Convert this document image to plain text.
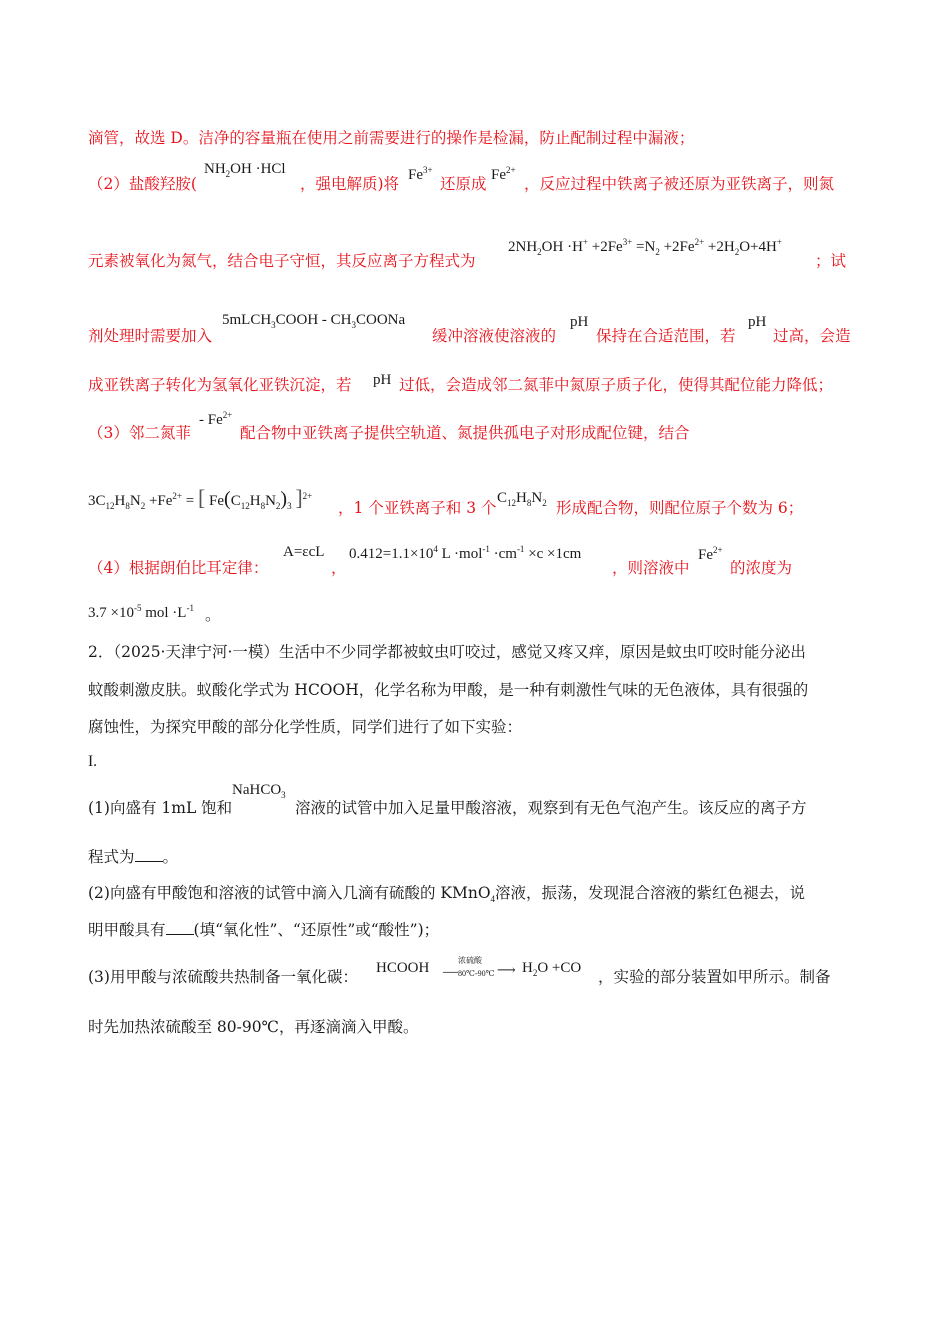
滴管，故选 D。洁净的容量瓶在使用之前需要进行的操作是检漏，防止配制过程中漏液；
（2）盐酸羟胺(
$NH_2OH \cdot HCl$
，强电解质)将 $Fe^{3+}$
还原成 $Fe^{2+}$
，反应过程中铁离子被还原为亚铁离子，则氮
元素被氧化为氮气，结合电子守恒，其反应离子方程式为
$2NH_2OH \cdot H^+ +2Fe^{3+} =N_2 +2Fe^{2+} +2H_2O+4H^+$
；试
剂处理时需要加入
5mLCH$_3$COOH - $CH_3COONa$
缓冲溶液使溶液的
pH
保持在合适范围，若
pH
过高，会造
成亚铁离子转化为氢氧化亚铁沉淀，若 pH 过低，会造成邻二氮菲中氮原子质子化，使得其配位能力降低；
（3）邻二氮菲
- $Fe^{2+}$
配合物中亚铁离子提供空轨道、氮提供孤电子对形成配位键，结合
$3C_{12}H_8N_2 +Fe^{2+}$ = [ $Fe(C_{12}H_8N_2)_3$ ]$^{2+}$
，1 个亚铁离子和 3 个
$C_{12}H_8N_2$ 形成配合物，则配位原子个数为 6；
（4）根据朗伯比耳定律：
A=εcL
，
$0.412=1.1\times 10^4$ $L \cdot mol^{-1} \cdot cm^{-1} \times c \times 1cm$
，则溶液中
$Fe^{2+}$
的浓度为
$3.7 \times 10^{-5}$ mol $\cdot L^{-1}$ 。
2．（2025·天津宁河·一模）生活中不少同学都被蚊虫叮咬过，感觉又疼又痒，原因是蚊虫叮咬时能分泌出
蚊酸刺激皮肤。蚁酸化学式为 HCOOH，化学名称为甲酸，是一种有刺激性气味的无色液体，具有很强的
腐蚀性，为探究甲酸的部分化学性质，同学们进行了如下实验：
I.
NaHCO$_3$
(1)向盛有 1mL 饱和	溶液的试管中加入足量甲酸溶液，观察到有无色气泡产生。该反应的离子方
程式为 。
(2)向盛有甲酸饱和溶液的试管中滴入几滴有硫酸的 KMnO$_4$溶液，振荡，发现混合溶液的紫红色褪去，说
明甲酸具有 (填“氧化性”、“还原性”或“酸性”)；
(3)用甲酸与浓硫酸共热制备一氧化碳： HCOOH —
浓硫酸
80℃-90℃ ⟶ $H_2O +CO$ ，实验的部分装置如甲所示。制备
时先加热浓硫酸至 80-90℃，再逐滴滴入甲酸。
